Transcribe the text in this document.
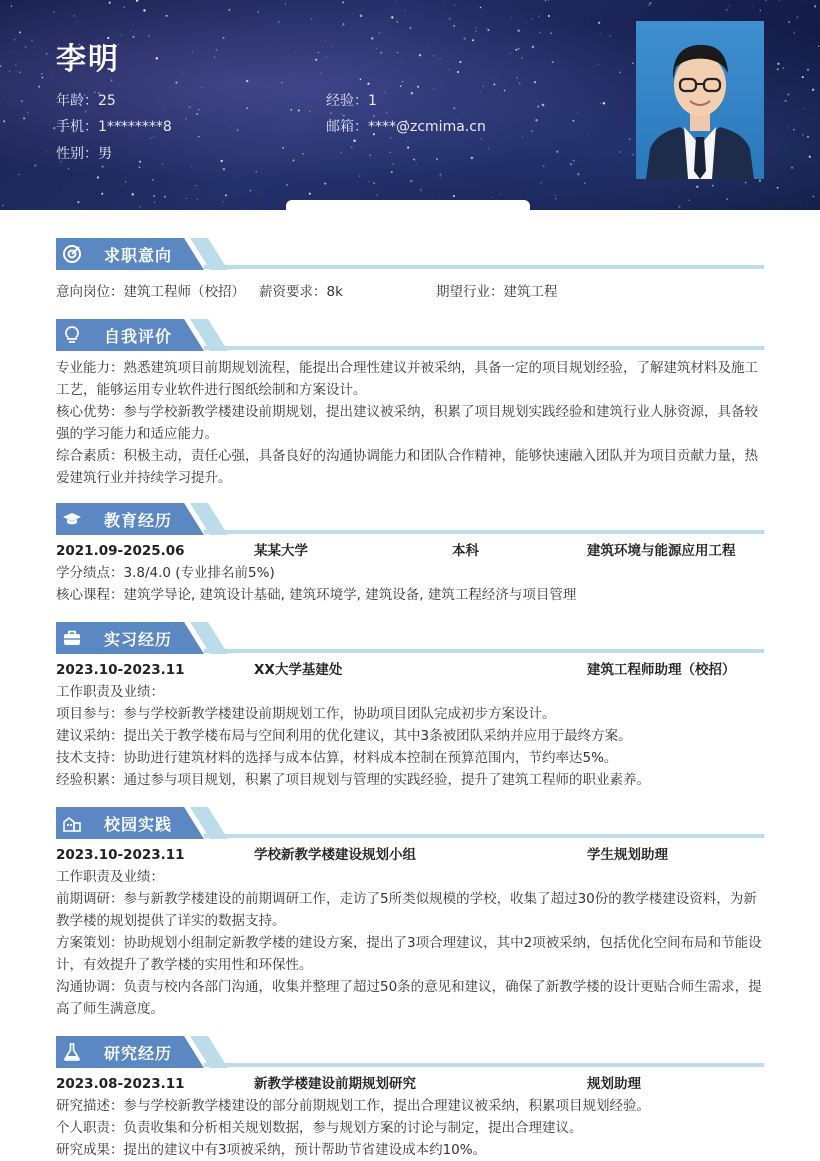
李明
年龄：25	经验：1
手机：1********8	邮箱：****@zcmima.cn
性别：男
求职意向
意向岗位：建筑工程师（校招） 薪资要求：8k	期望行业：建筑工程
自我评价

专业能力：熟悉建筑项目前期规划流程，能提出合理性建议并被采纳，具备一定的项目规划经验，了解建筑材料及施工工艺，能够运用专业软件进行图纸绘制和方案设计。

核心优势：参与学校新教学楼建设前期规划，提出建议被采纳，积累了项目规划实践经验和建筑行业人脉资源，具备较强的学习能力和适应能力。

综合素质：积极主动，责任心强，具备良好的沟通协调能力和团队合作精神，能够快速融入团队并为项目贡献力量，热爱建筑行业并持续学习提升。

教育经历
2021.09-2025.06	某某大学	本科	建筑环境与能源应用工程

学分绩点：3.8/4.0 (专业排名前5%)

核心课程：建筑学导论, 建筑设计基础, 建筑环境学, 建筑设备, 建筑工程经济与项目管理

实习经历
2023.10-2023.11	XX大学基建处	建筑工程师助理（校招）

工作职责及业绩：

项目参与：参与学校新教学楼建设前期规划工作，协助项目团队完成初步方案设计。

建议采纳：提出关于教学楼布局与空间利用的优化建议，其中3条被团队采纳并应用于最终方案。

技术支持：协助进行建筑材料的选择与成本估算，材料成本控制在预算范围内，节约率达5%。

经验积累：通过参与项目规划，积累了项目规划与管理的实践经验，提升了建筑工程师的职业素养。

校园实践
2023.10-2023.11	学校新教学楼建设规划小组	学生规划助理

工作职责及业绩：

前期调研：参与新教学楼建设的前期调研工作，走访了5所类似规模的学校，收集了超过30份的教学楼建设资料，为新教学楼的规划提供了详实的数据支持。

方案策划：协助规划小组制定新教学楼的建设方案，提出了3项合理建议，其中2项被采纳，包括优化空间布局和节能设计，有效提升了教学楼的实用性和环保性。

沟通协调：负责与校内各部门沟通，收集并整理了超过50条的意见和建议，确保了新教学楼的设计更贴合师生需求，提高了师生满意度。

研究经历
2023.08-2023.11	新教学楼建设前期规划研究	规划助理

研究描述：参与学校新教学楼建设的部分前期规划工作，提出合理建议被采纳，积累项目规划经验。

个人职责：负责收集和分析相关规划数据，参与规划方案的讨论与制定，提出合理建议。

研究成果：提出的建议中有3项被采纳，预计帮助节省建设成本约10%。
